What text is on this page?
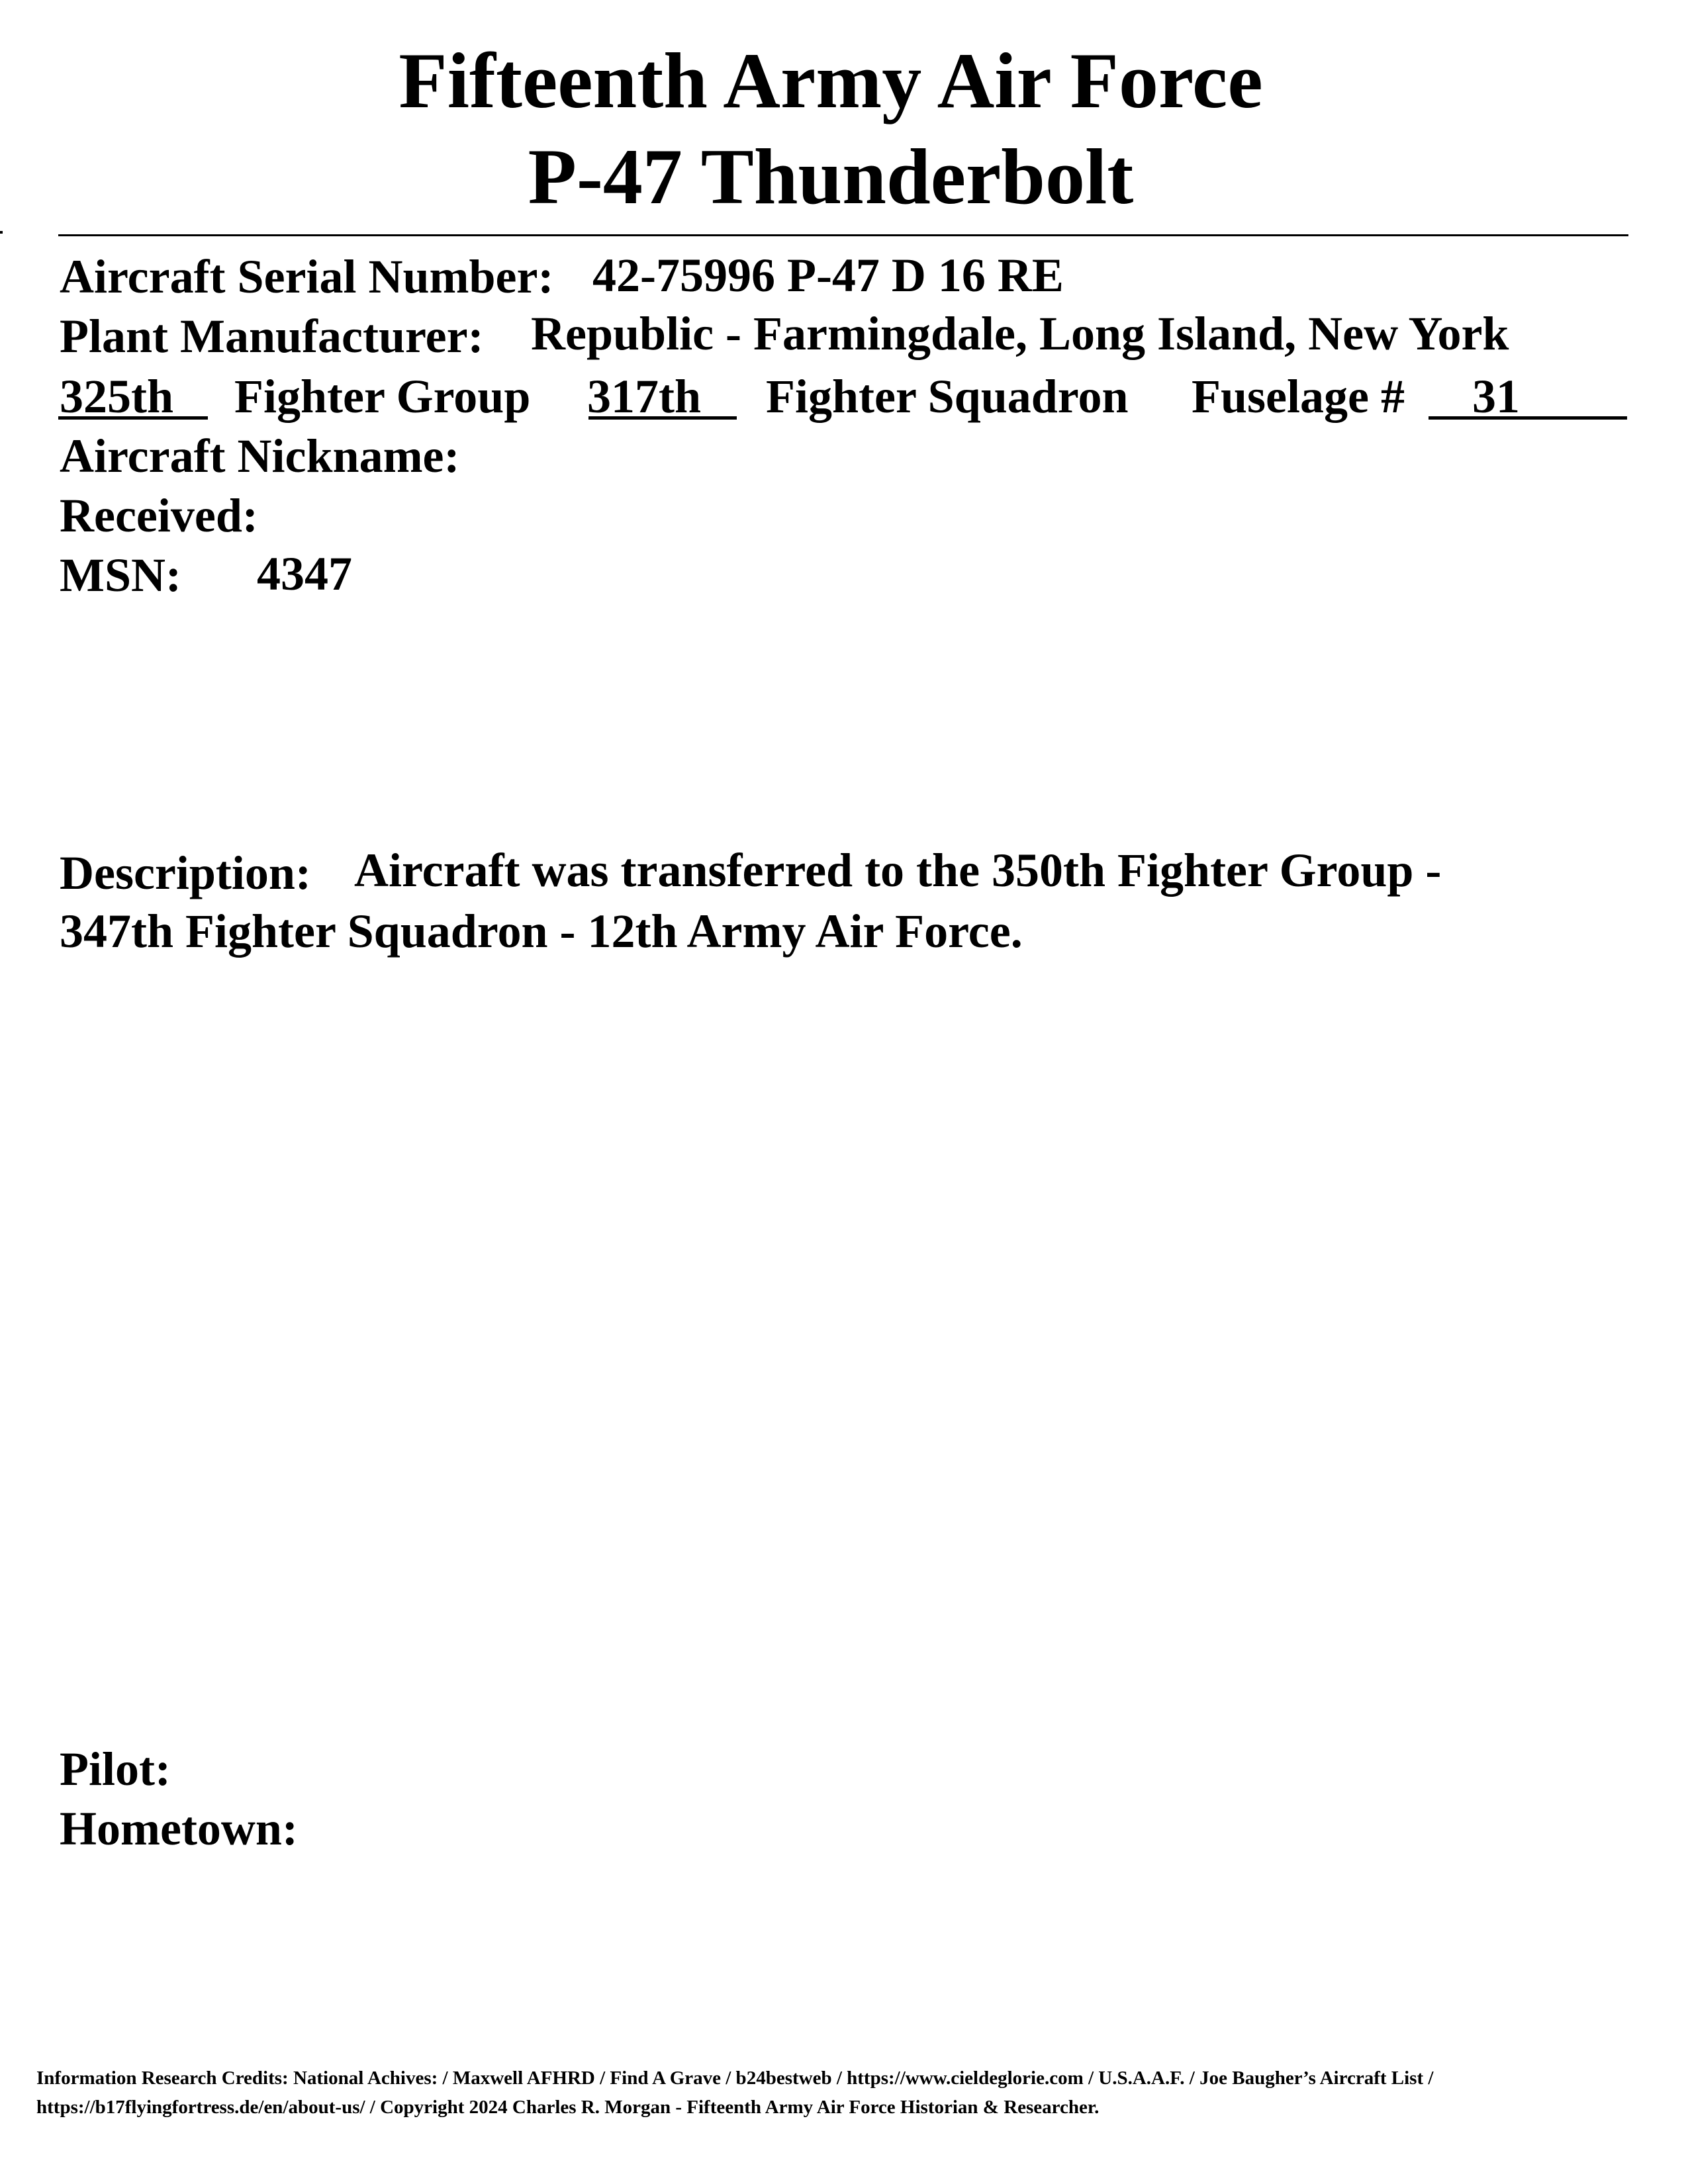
Fifteenth Army Air Force
P-47 Thunderbolt
Aircraft Serial Number: 42-75996 P-47 D 16 RE
Plant Manufacturer: Republic - Farmingdale, Long Island, New York
325th Fighter Group 317th Fighter Squadron Fuselage # 31
Aircraft Nickname:
Received:
MSN: 4347
Description: Aircraft was transferred to the 350th Fighter Group -
347th Fighter Squadron - 12th Army Air Force.
Pilot:
Hometown:
Information Research Credits: National Achives: / Maxwell AFHRD / Find A Grave / b24bestweb / https://www.cieldeglorie.com / U.S.A.A.F. / Joe Baugher’s Aircraft List /
https://b17flyingfortress.de/en/about-us/ / Copyright 2024 Charles R. Morgan - Fifteenth Army Air Force Historian & Researcher.
